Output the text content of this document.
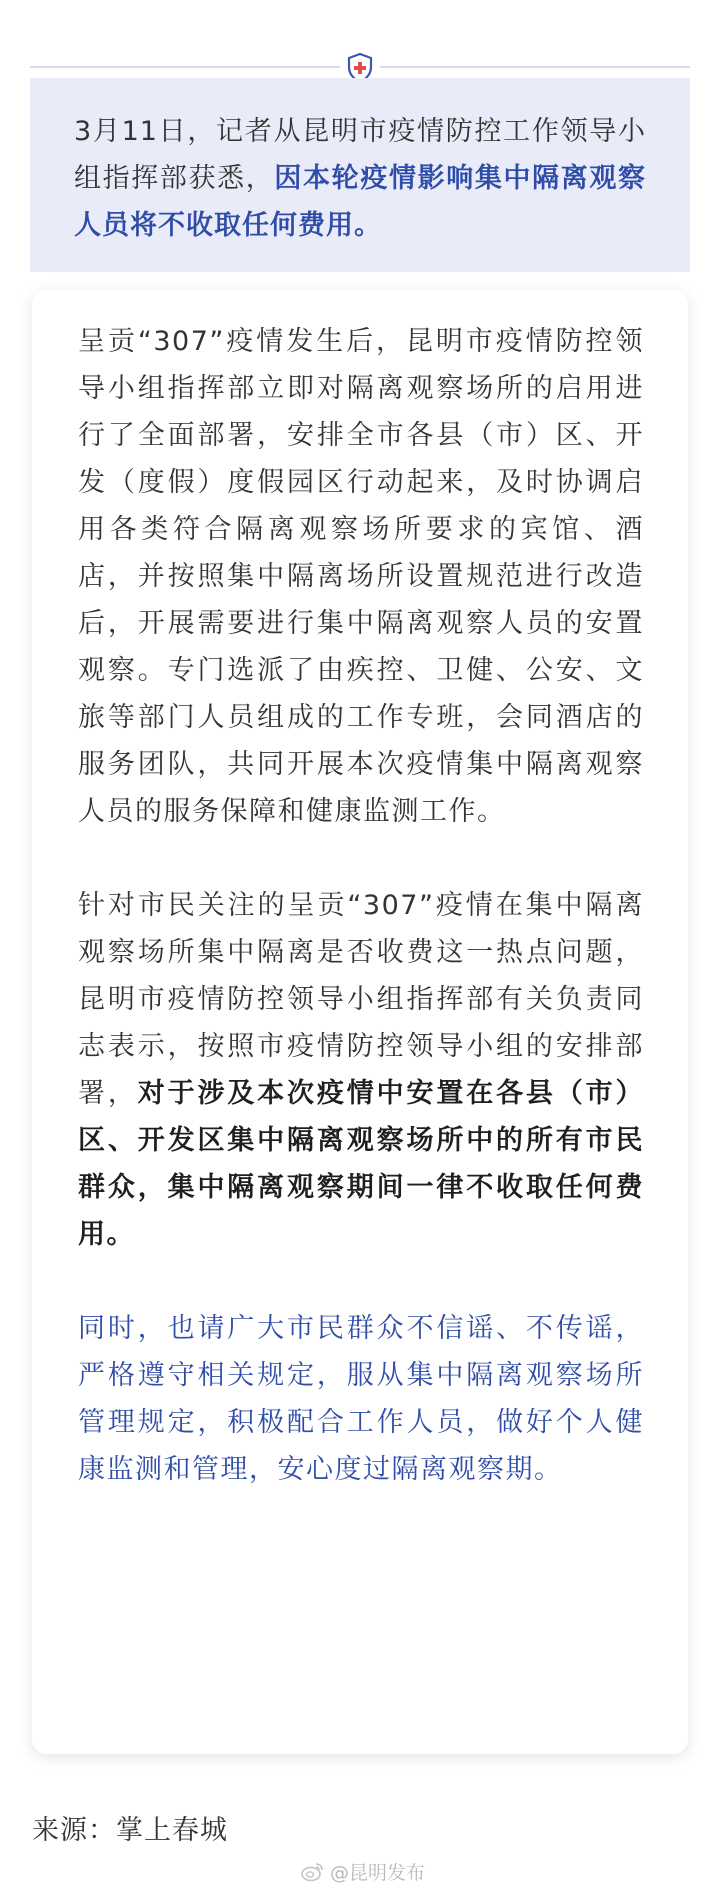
3月11日，记者从昆明市疫情防控工作领导小组指挥部获悉，因本轮疫情影响集中隔离观察人员将不收取任何费用。

呈贡“307”疫情发生后，昆明市疫情防控领导小组指挥部立即对隔离观察场所的启用进行了全面部署，安排全市各县（市）区、开发（度假）度假园区行动起来，及时协调启用各类符合隔离观察场所要求的宾馆、酒店，并按照集中隔离场所设置规范进行改造后，开展需要进行集中隔离观察人员的安置观察。专门选派了由疾控、卫健、公安、文旅等部门人员组成的工作专班，会同酒店的服务团队，共同开展本次疫情集中隔离观察人员的服务保障和健康监测工作。

针对市民关注的呈贡“307”疫情在集中隔离观察场所集中隔离是否收费这一热点问题，昆明市疫情防控领导小组指挥部有关负责同志表示，按照市疫情防控领导小组的安排部署，对于涉及本次疫情中安置在各县（市）区、开发区集中隔离观察场所中的所有市民群众，集中隔离观察期间一律不收取任何费用。

同时，也请广大市民群众不信谣、不传谣，严格遵守相关规定，服从集中隔离观察场所管理规定，积极配合工作人员，做好个人健康监测和管理，安心度过隔离观察期。

来源：掌上春城
@昆明发布
